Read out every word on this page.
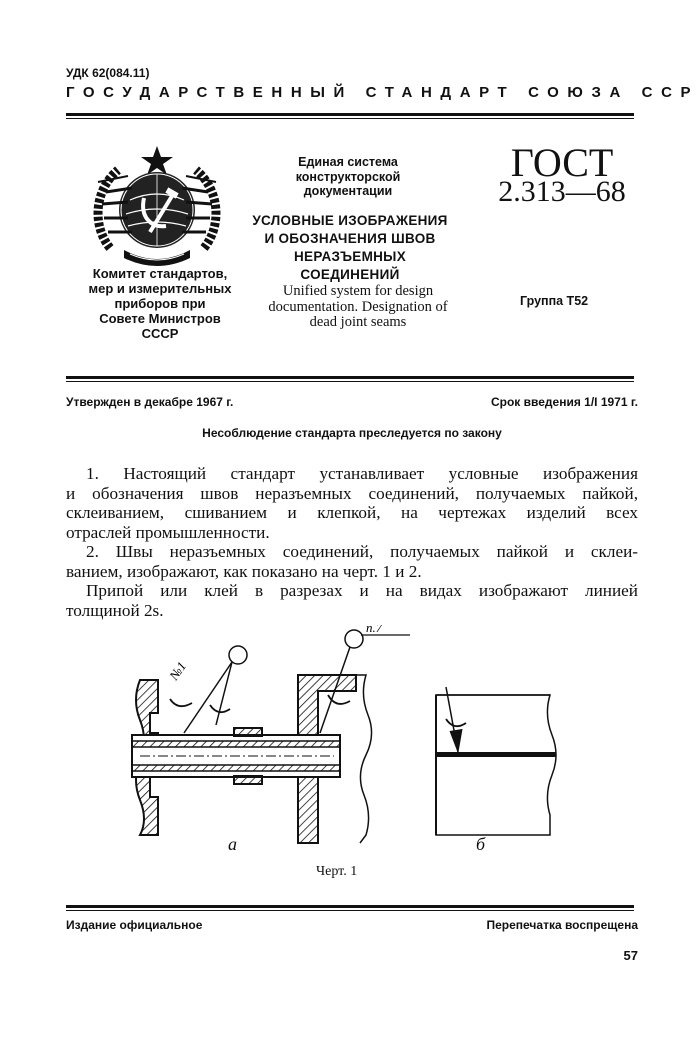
УДК 62(084.11)
ГОСУДАРСТВЕННЫЙ СТАНДАРТ СОЮЗА ССР
Комитет стандартов,
мер и измерительных
приборов при
Совете Министров
СССР
Единая система
конструкторской
документации
УСЛОВНЫЕ ИЗОБРАЖЕНИЯ
И ОБОЗНАЧЕНИЯ ШВОВ
НЕРАЗЪЕМНЫХ СОЕДИНЕНИЙ
Unified system for design
documentation. Designation of
dead joint seams
ГОСТ
2.313—68
Группа Т52
Утвержден в декабре 1967 г.	Срок введения 1/I 1971 г.
Несоблюдение стандарта преследуется по закону
1. Настоящий стандарт устанавливает условные изображения
и обозначения швов неразъемных соединений, получаемых пайкой,
склеиванием, сшиванием и клепкой, на чертежах изделий всех
отраслей промышленности.
2. Швы неразъемных соединений, получаемых пайкой и склеи-
ванием, изображают, как показано на черт. 1 и 2.
Припой или клей в разрезах и на видах изображают линией
толщиной 2s.
№1
п.7
а	б
Черт. 1
Издание официальное	Перепечатка воспрещена
57
